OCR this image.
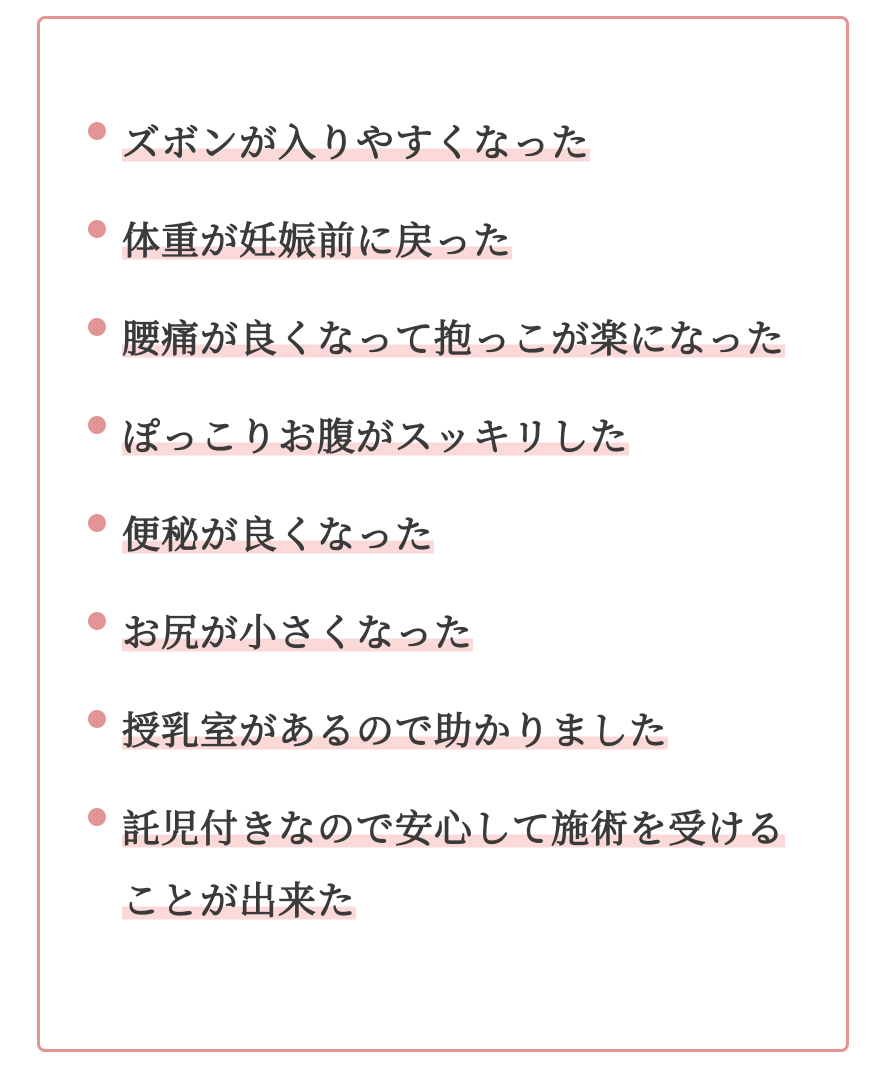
ズボンが入りやすくなった
体重が妊娠前に戻った
腰痛が良くなって抱っこが楽になった
ぽっこりお腹がスッキリした
便秘が良くなった
お尻が小さくなった
授乳室があるので助かりました
託児付きなので安心して施術を受けることが出来た
